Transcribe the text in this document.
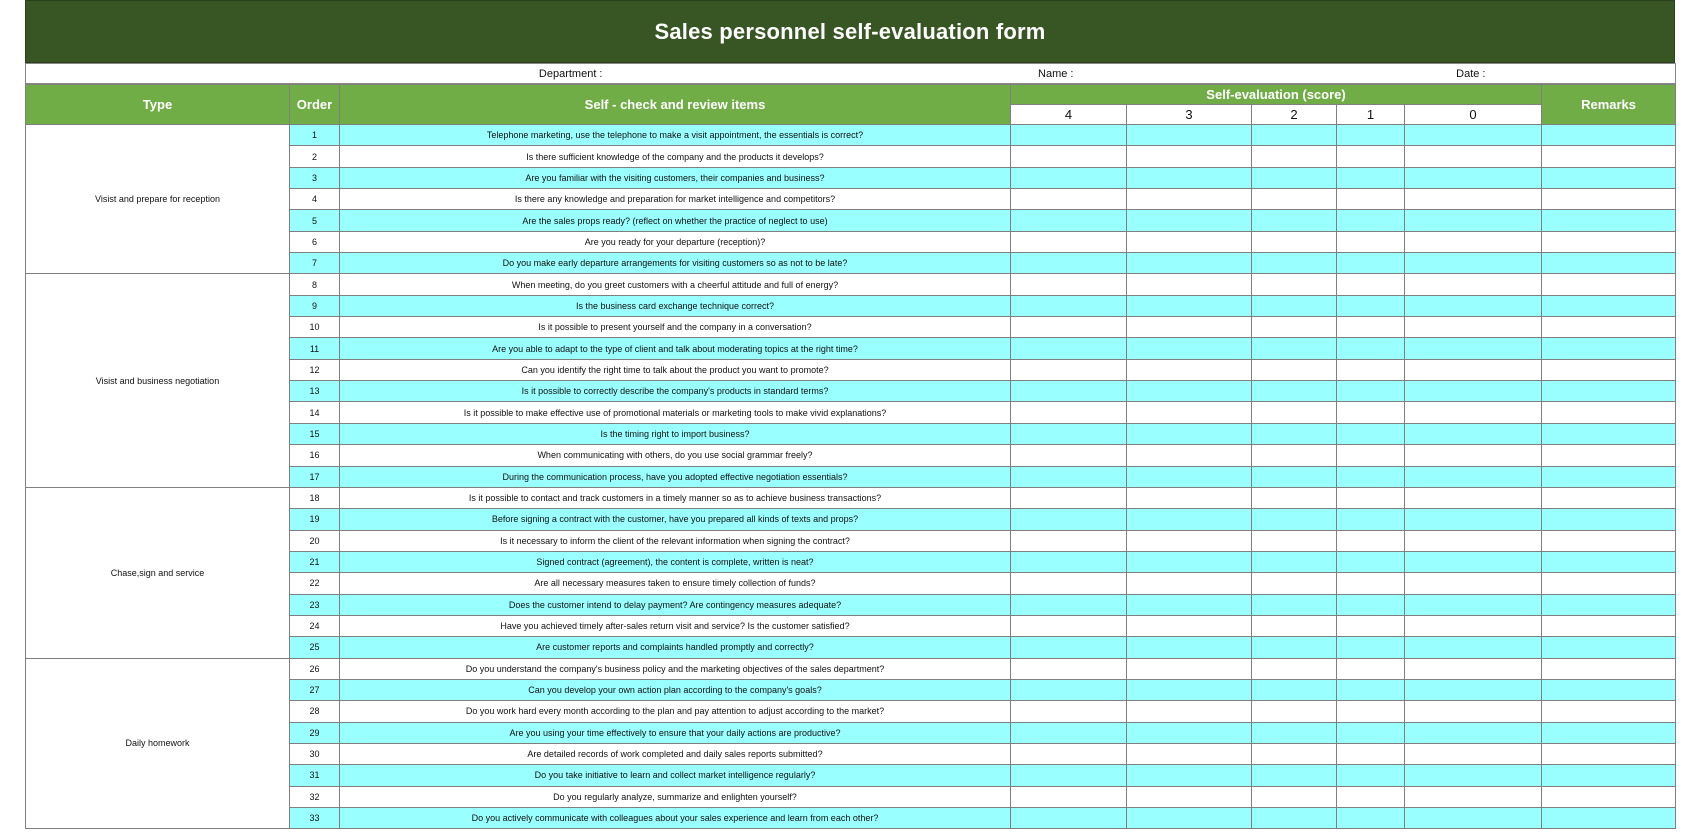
Sales personnel self-evaluation form
Department :		Name :		Date :	
Type	Order	Self - check and review items	Self-evaluation (score)					Remarks
			4	3	2	1	0	
Visist and prepare for reception	1	Telephone marketing, use the telephone to make a visit appointment, the essentials is correct?						
	2	Is there sufficient knowledge of the company and the products it develops?						
	3	Are you familiar with the visiting customers, their companies and business?						
	4	Is there any knowledge and preparation for market intelligence and competitors?						
	5	Are the sales props ready? (reflect on whether the practice of neglect to use)						
	6	Are you ready for your departure (reception)?						
	7	Do you make early departure arrangements for visiting customers so as not to be late?						
Visist and business negotiation	8	When meeting, do you greet customers with a cheerful attitude and full of energy?						
	9	Is the business card exchange technique correct?						
	10	Is it possible to present yourself and the company in a conversation?						
	11	Are you able to adapt to the type of client and talk about moderating topics at the right time?						
	12	Can you identify the right time to talk about the product you want to promote?						
	13	Is it possible to correctly describe the company's products in standard terms?						
	14	Is it possible to make effective use of promotional materials or marketing tools to make vivid explanations?						
	15	Is the timing right to import business?						
	16	When communicating with others, do you use social grammar freely?						
	17	During the communication process, have you adopted effective negotiation essentials?						
Chase,sign and service	18	Is it possible to contact and track customers in a timely manner so as to achieve business transactions?						
	19	Before signing a contract with the customer, have you prepared all kinds of texts and props?						
	20	Is it necessary to inform the client of the relevant information when signing the contract?						
	21	Signed contract (agreement), the content is complete, written is neat?						
	22	Are all necessary measures taken to ensure timely collection of funds?						
	23	Does the customer intend to delay payment? Are contingency measures adequate?						
	24	Have you achieved timely after-sales return visit and service? Is the customer satisfied?						
	25	Are customer reports and complaints handled promptly and correctly?						
Daily homework	26	Do you understand the company's business policy and the marketing objectives of the sales department?						
	27	Can you develop your own action plan according to the company's goals?						
	28	Do you work hard every month according to the plan and pay attention to adjust according to the market?						
	29	Are you using your time effectively to ensure that your daily actions are productive?						
	30	Are detailed records of work completed and daily sales reports submitted?						
	31	Do you take initiative to learn and collect market intelligence regularly?						
	32	Do you regularly analyze, summarize and enlighten yourself?						
	33	Do you actively communicate with colleagues about your sales experience and learn from each other?						
